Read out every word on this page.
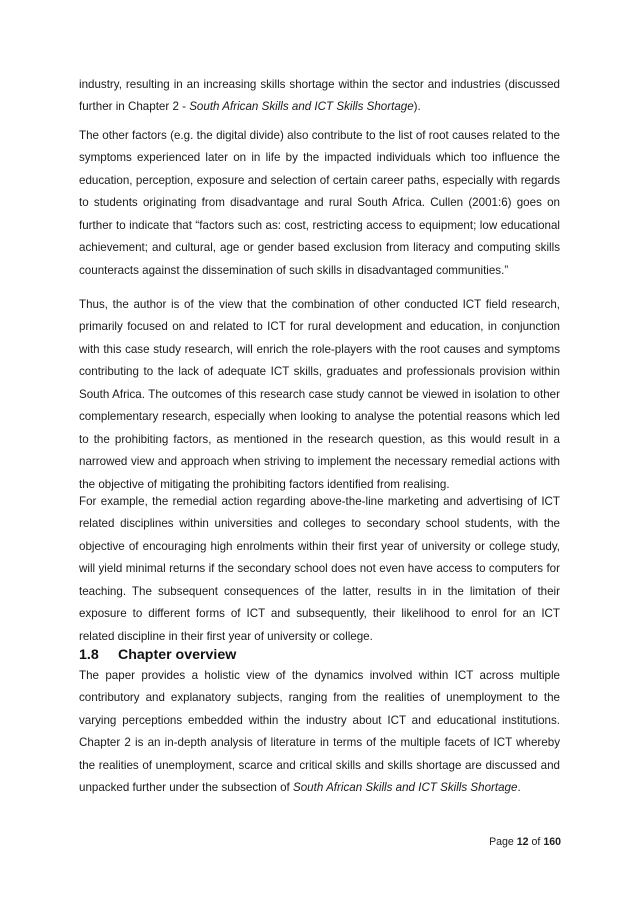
industry, resulting in an increasing skills shortage within the sector and industries (discussed further in Chapter 2 - South African Skills and ICT Skills Shortage).

The other factors (e.g. the digital divide) also contribute to the list of root causes related to the symptoms experienced later on in life by the impacted individuals which too influence the education, perception, exposure and selection of certain career paths, especially with regards to students originating from disadvantage and rural South Africa. Cullen (2001:6) goes on further to indicate that “factors such as: cost, restricting access to equipment; low educational achievement; and cultural, age or gender based exclusion from literacy and computing skills counteracts against the dissemination of such skills in disadvantaged communities.”

Thus, the author is of the view that the combination of other conducted ICT field research, primarily focused on and related to ICT for rural development and education, in conjunction with this case study research, will enrich the role-players with the root causes and symptoms contributing to the lack of adequate ICT skills, graduates and professionals provision within South Africa. The outcomes of this research case study cannot be viewed in isolation to other complementary research, especially when looking to analyse the potential reasons which led to the prohibiting factors, as mentioned in the research question, as this would result in a narrowed view and approach when striving to implement the necessary remedial actions with the objective of mitigating the prohibiting factors identified from realising.

For example, the remedial action regarding above-the-line marketing and advertising of ICT related disciplines within universities and colleges to secondary school students, with the objective of encouraging high enrolments within their first year of university or college study, will yield minimal returns if the secondary school does not even have access to computers for teaching. The subsequent consequences of the latter, results in in the limitation of their exposure to different forms of ICT and subsequently, their likelihood to enrol for an ICT related discipline in their first year of university or college.

1.8 Chapter overview

The paper provides a holistic view of the dynamics involved within ICT across multiple contributory and explanatory subjects, ranging from the realities of unemployment to the varying perceptions embedded within the industry about ICT and educational institutions. Chapter 2 is an in-depth analysis of literature in terms of the multiple facets of ICT whereby the realities of unemployment, scarce and critical skills and skills shortage are discussed and unpacked further under the subsection of South African Skills and ICT Skills Shortage.

Page 12 of 160
